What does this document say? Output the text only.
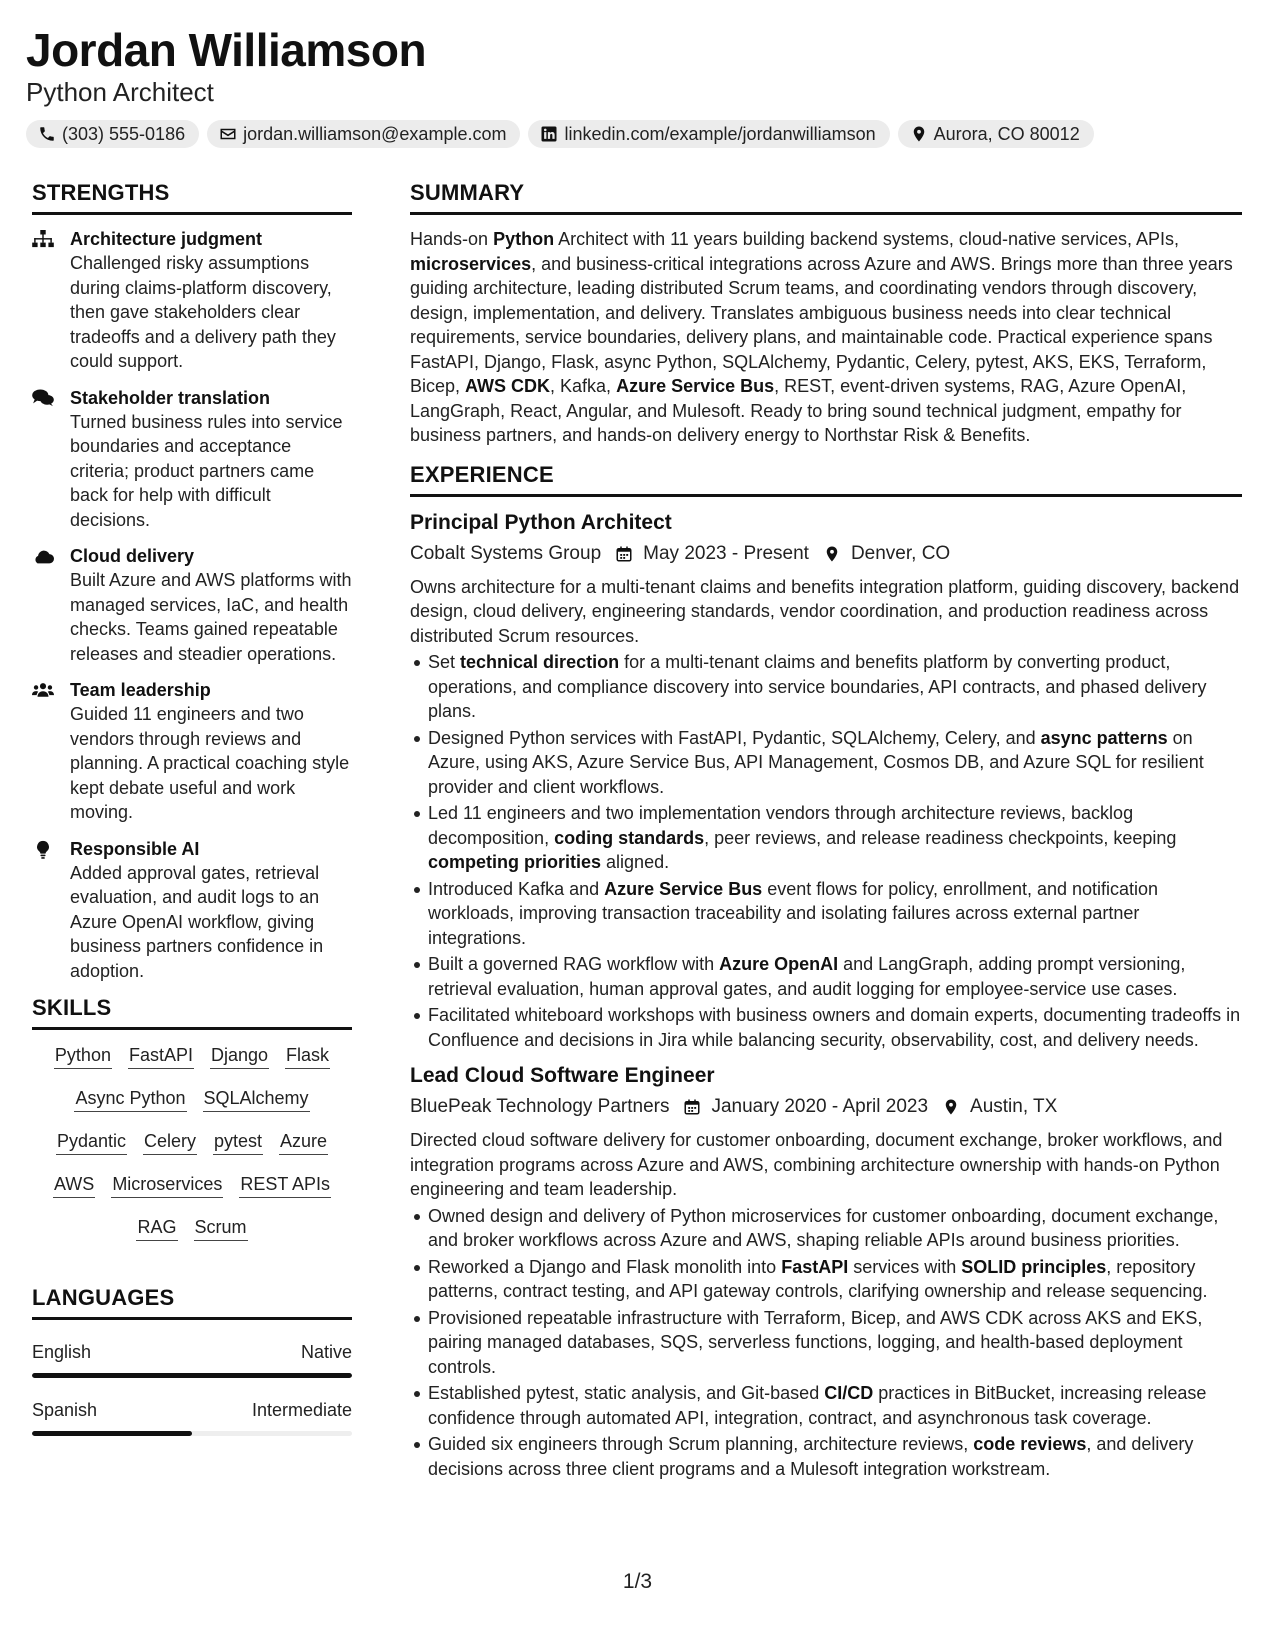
Jordan Williamson
Python Architect
(303) 555-0186	jordan.williamson@example.com	linkedin.com/example/jordanwilliamson	Aurora, CO 80012
STRENGTHS
Architecture judgment
Challenged risky assumptions during claims-platform discovery, then gave stakeholders clear tradeoffs and a delivery path they could support.
Stakeholder translation
Turned business rules into service boundaries and acceptance criteria; product partners came back for help with difficult decisions.
Cloud delivery
Built Azure and AWS platforms with managed services, IaC, and health checks. Teams gained repeatable releases and steadier operations.
Team leadership
Guided 11 engineers and two vendors through reviews and planning. A practical coaching style kept debate useful and work moving.
Responsible AI
Added approval gates, retrieval evaluation, and audit logs to an Azure OpenAI workflow, giving business partners confidence in adoption.
SKILLS
Python FastAPI Django Flask
Async Python SQLAlchemy
Pydantic Celery pytest Azure
AWS Microservices REST APIs
RAG Scrum
LANGUAGES
English	Native
Spanish	Intermediate
SUMMARY
Hands-on Python Architect with 11 years building backend systems, cloud-native services, APIs, microservices, and business-critical integrations across Azure and AWS. Brings more than three years guiding architecture, leading distributed Scrum teams, and coordinating vendors through discovery, design, implementation, and delivery. Translates ambiguous business needs into clear technical requirements, service boundaries, delivery plans, and maintainable code. Practical experience spans FastAPI, Django, Flask, async Python, SQLAlchemy, Pydantic, Celery, pytest, AKS, EKS, Terraform, Bicep, AWS CDK, Kafka, Azure Service Bus, REST, event-driven systems, RAG, Azure OpenAI, LangGraph, React, Angular, and Mulesoft. Ready to bring sound technical judgment, empathy for business partners, and hands-on delivery energy to Northstar Risk & Benefits.
EXPERIENCE
Principal Python Architect
Cobalt Systems Group May 2023 - Present Denver, CO
Owns architecture for a multi-tenant claims and benefits integration platform, guiding discovery, backend design, cloud delivery, engineering standards, vendor coordination, and production readiness across distributed Scrum resources.
Set technical direction for a multi-tenant claims and benefits platform by converting product, operations, and compliance discovery into service boundaries, API contracts, and phased delivery plans.
Designed Python services with FastAPI, Pydantic, SQLAlchemy, Celery, and async patterns on Azure, using AKS, Azure Service Bus, API Management, Cosmos DB, and Azure SQL for resilient provider and client workflows.
Led 11 engineers and two implementation vendors through architecture reviews, backlog decomposition, coding standards, peer reviews, and release readiness checkpoints, keeping competing priorities aligned.
Introduced Kafka and Azure Service Bus event flows for policy, enrollment, and notification workloads, improving transaction traceability and isolating failures across external partner integrations.
Built a governed RAG workflow with Azure OpenAI and LangGraph, adding prompt versioning, retrieval evaluation, human approval gates, and audit logging for employee-service use cases.
Facilitated whiteboard workshops with business owners and domain experts, documenting tradeoffs in Confluence and decisions in Jira while balancing security, observability, cost, and delivery needs.
Lead Cloud Software Engineer
BluePeak Technology Partners January 2020 - April 2023 Austin, TX
Directed cloud software delivery for customer onboarding, document exchange, broker workflows, and integration programs across Azure and AWS, combining architecture ownership with hands-on Python engineering and team leadership.
Owned design and delivery of Python microservices for customer onboarding, document exchange, and broker workflows across Azure and AWS, shaping reliable APIs around business priorities.
Reworked a Django and Flask monolith into FastAPI services with SOLID principles, repository patterns, contract testing, and API gateway controls, clarifying ownership and release sequencing.
Provisioned repeatable infrastructure with Terraform, Bicep, and AWS CDK across AKS and EKS, pairing managed databases, SQS, serverless functions, logging, and health-based deployment controls.
Established pytest, static analysis, and Git-based CI/CD practices in BitBucket, increasing release confidence through automated API, integration, contract, and asynchronous task coverage.
Guided six engineers through Scrum planning, architecture reviews, code reviews, and delivery decisions across three client programs and a Mulesoft integration workstream.
1/3
